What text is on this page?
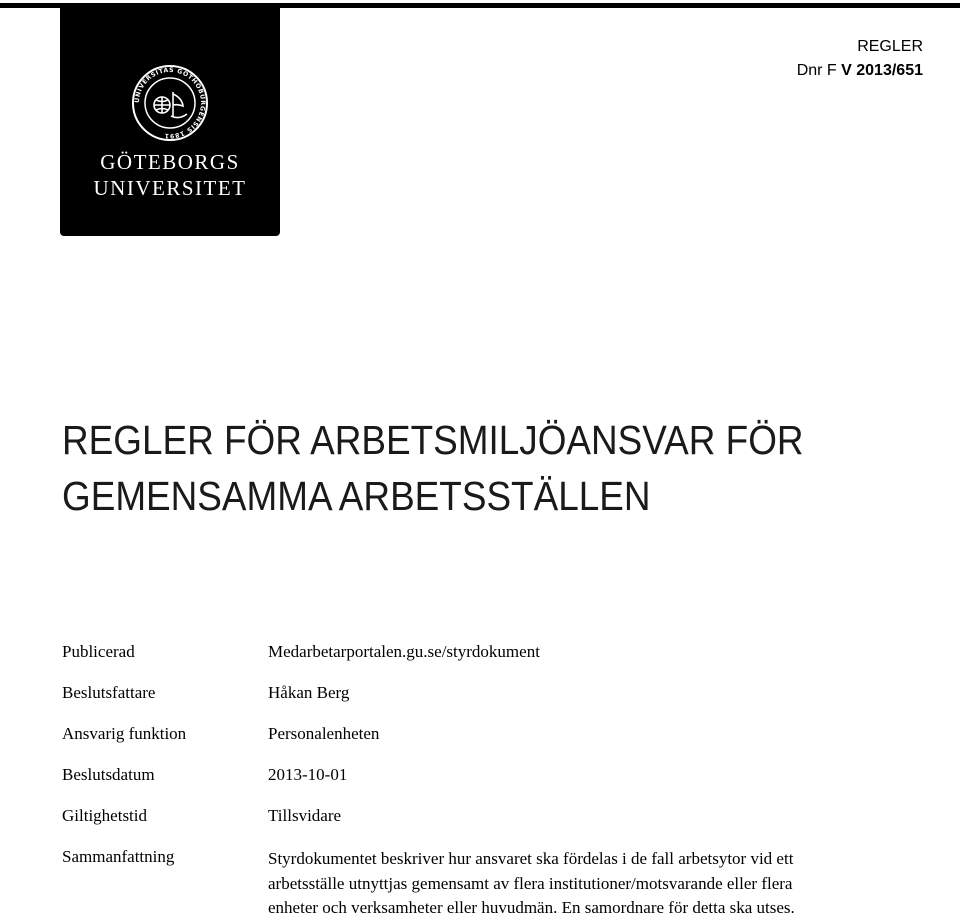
UNIVERSITAS GOTHOBURGENSIS 1891
GÖTEBORGS
UNIVERSITET
REGLER
Dnr F V 2013/651
REGLER FÖR ARBETSMILJÖANSVAR FÖR
GEMENSAMMA ARBETSSTÄLLEN
Publicerad	Medarbetarportalen.gu.se/styrdokument
Beslutsfattare	Håkan Berg
Ansvarig funktion	Personalenheten
Beslutsdatum	2013-10-01
Giltighetstid	Tillsvidare
Sammanfattning	Styrdokumentet beskriver hur ansvaret ska fördelas i de fall arbetsytor vid ett
arbetsställe utnyttjas gemensamt av flera institutioner/motsvarande eller flera
enheter och verksamheter eller huvudmän. En samordnare för detta ska utses.
